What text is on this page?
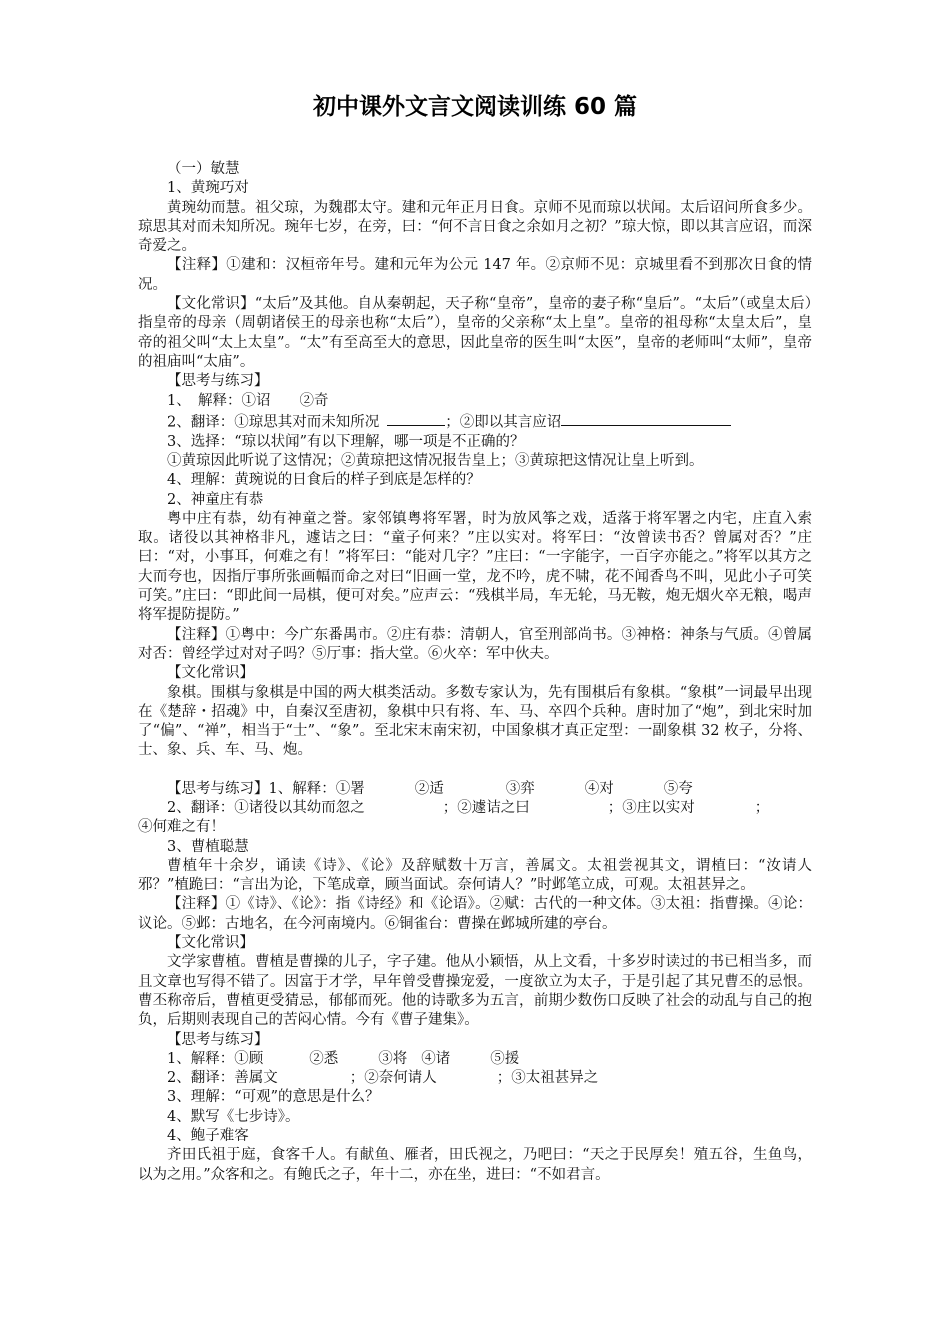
初中课外文言文阅读训练 60 篇

（一）敏慧

1、黄琬巧对

黄琬幼而慧。祖父琼，为魏郡太守。建和元年正月日食。京师不见而琼以状闻。太后诏问所食多少。琼思其对而未知所况。琬年七岁，在旁，曰：“何不言日食之余如月之初？”琼大惊，即以其言应诏，而深奇爱之。

【注释】①建和：汉桓帝年号。建和元年为公元 147 年。②京师不见：京城里看不到那次日食的情况。

【文化常识】“太后”及其他。自从秦朝起，天子称“皇帝”，皇帝的妻子称“皇后”。“太后”（或皇太后）指皇帝的母亲（周朝诸侯王的母亲也称“太后”），皇帝的父亲称“太上皇”。皇帝的祖母称“太皇太后”，皇帝的祖父叫“太上太皇”。“太”有至高至大的意思，因此皇帝的医生叫“太医”，皇帝的老师叫“太师”，皇帝的祖庙叫“太庙”。

【思考与练习】

1、　解释：①诏　　②奇

2、翻译：①琼思其对而未知所况	；②即以其言应诏

3、选择：“琼以状闻”有以下理解，哪一项是不正确的？

①黄琼因此听说了这情况；②黄琼把这情况报告皇上；③黄琼把这情况让皇上听到。

4、理解：黄琬说的日食后的样子到底是怎样的？

2、神童庄有恭

粤中庄有恭，幼有神童之誉。家邻镇粤将军署，时为放风筝之戏，适落于将军署之内宅，庄直入索取。诸役以其神格非凡，遽诘之曰：“童子何来？”庄以实对。将军曰：“汝曾读书否？曾属对否？”庄曰：“对，小事耳，何难之有！”将军曰：“能对几字？”庄曰：“一字能字，一百字亦能之。”将军以其方之大而夸也，因指厅事所张画幅而命之对曰“旧画一堂，龙不吟，虎不啸，花不闻香鸟不叫，见此小子可笑可笑。”庄曰：“即此间一局棋，便可对矣。”应声云：“残棋半局，车无轮，马无鞍，炮无烟火卒无粮，喝声将军提防提防。”

【注释】①粤中：今广东番禺市。②庄有恭：清朝人，官至刑部尚书。③神格：神条与气质。④曾属对否：曾经学过对对子吗？⑤厅事：指大堂。⑥火卒：军中伙夫。

【文化常识】

象棋。围棋与象棋是中国的两大棋类活动。多数专家认为，先有围棋后有象棋。“象棋”一词最早出现在《楚辞・招魂》中，自秦汉至唐初，象棋中只有将、车、马、卒四个兵种。唐时加了“炮”，到北宋时加了“偏”、“禅”，相当于“士”、“象”。至北宋末南宋初，中国象棋才真正定型：一副象棋 32 枚子，分将、士、象、兵、车、马、炮。

【思考与练习】1、解释：①署	②适	③弈	④对	⑤夸

2、翻译：①诸役以其幼而忽之	；②遽诘之曰	；③庄以实对	；

④何难之有！

3、曹植聪慧

曹植年十余岁，诵读《诗》、《论》及辞赋数十万言，善属文。太祖尝视其文，谓植曰：“汝请人邪？”植跪曰：“言出为论，下笔成章，顾当面试。奈何请人？”时邺笔立成，可观。太祖甚异之。

【注释】①《诗》、《论》：指《诗经》和《论语》。②赋：古代的一种文体。③太祖：指曹操。④论：议论。⑤邺：古地名，在今河南境内。⑥铜雀台：曹操在邺城所建的亭台。

【文化常识】

文学家曹植。曹植是曹操的儿子，字子建。他从小颖悟，从上文看，十多岁时读过的书已相当多，而且文章也写得不错了。因富于才学，早年曾受曹操宠爱，一度欲立为太子，于是引起了其兄曹丕的忌恨。曹丕称帝后，曹植更受猜忌，郁郁而死。他的诗歌多为五言，前期少数伤口反映了社会的动乱与自己的抱负，后期则表现自己的苦闷心情。今有《曹子建集》。

【思考与练习】

1、解释：①顾	②悉	③将 ④诸	⑤援

2、翻译：善属文	；②奈何请人	；③太祖甚异之

3、理解：“可观”的意思是什么？

4、默写《七步诗》。

4、鲍子难客

齐田氏祖于庭，食客千人。有献鱼、雁者，田氏视之，乃吧曰：“天之于民厚矣！殖五谷，生鱼鸟，以为之用。”众客和之。有鲍氏之子，年十二，亦在坐，进曰：“不如君言。
